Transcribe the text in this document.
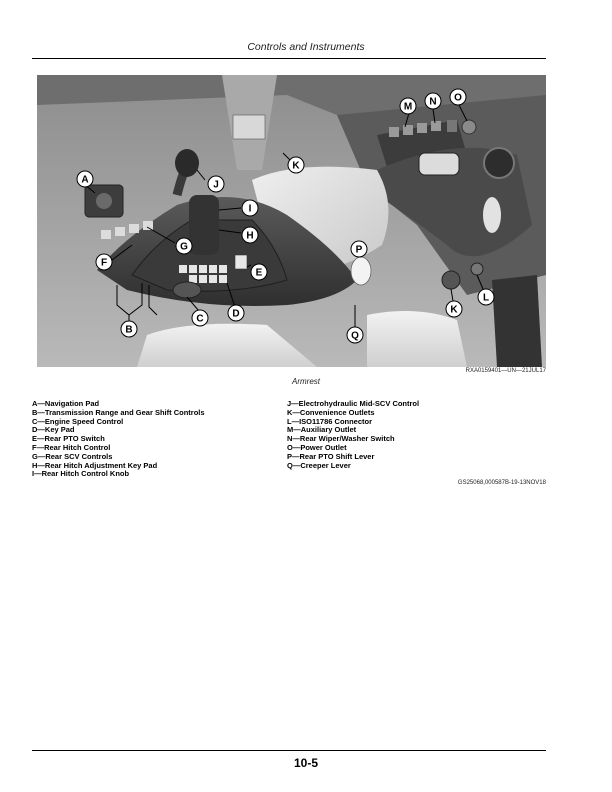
Controls and Instruments
A
B
C	D
E
F
G
H
I
J
K
K
L
M N O
P
Q
RXA0159401—UN—21JUL17
Armrest
A—Navigation Pad
B—Transmission Range and Gear Shift Controls
C—Engine Speed Control
D—Key Pad
E—Rear PTO Switch
F—Rear Hitch Control
G—Rear SCV Controls
H—Rear Hitch Adjustment Key Pad
I—Rear Hitch Control Knob
J—Electrohydraulic Mid-SCV Control
K—Convenience Outlets
L—ISO11786 Connector
M—Auxiliary Outlet
N—Rear Wiper/Washer Switch
O—Power Outlet
P—Rear PTO Shift Lever
Q—Creeper Lever
GS25068,000587B-19-13NOV18
10-5
